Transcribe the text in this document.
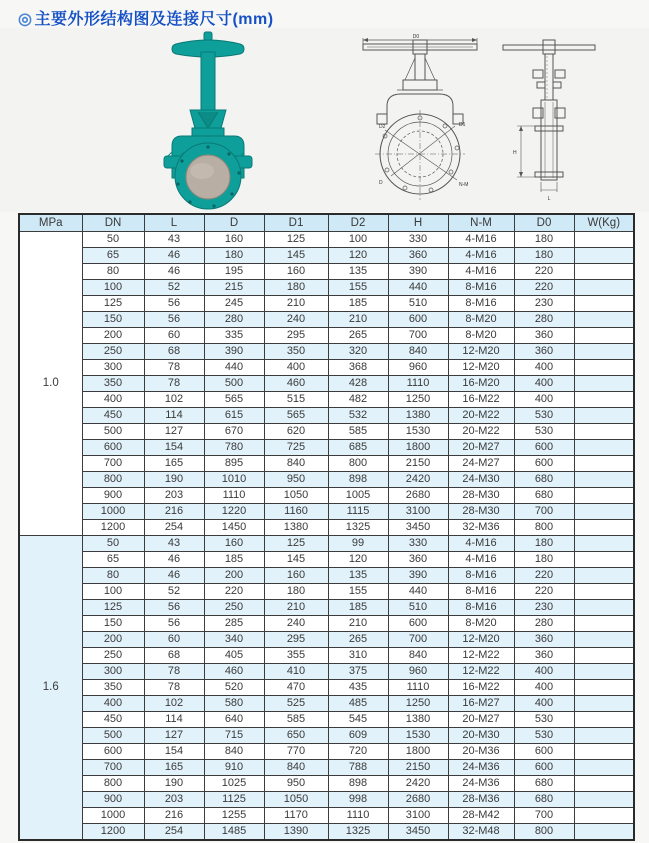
◎ 主要外形结构图及连接尺寸(mm)
D0
D2	D1
N-M
D
H
L
MPa	DN	L	D	D1	D2	H	N-M	D0	W(Kg)
1.0	50	43	160	125	100	330	4-M16	180	
	65	46	180	145	120	360	4-M16	180	
	80	46	195	160	135	390	4-M16	220	
	100	52	215	180	155	440	8-M16	220	
	125	56	245	210	185	510	8-M16	230	
	150	56	280	240	210	600	8-M20	280	
	200	60	335	295	265	700	8-M20	360	
	250	68	390	350	320	840	12-M20	360	
	300	78	440	400	368	960	12-M20	400	
	350	78	500	460	428	1110	16-M20	400	
	400	102	565	515	482	1250	16-M22	400	
	450	114	615	565	532	1380	20-M22	530	
	500	127	670	620	585	1530	20-M22	530	
	600	154	780	725	685	1800	20-M27	600	
	700	165	895	840	800	2150	24-M27	600	
	800	190	1010	950	898	2420	24-M30	680	
	900	203	1110	1050	1005	2680	28-M30	680	
	1000	216	1220	1160	1115	3100	28-M30	700	
	1200	254	1450	1380	1325	3450	32-M36	800	
1.6	50	43	160	125	99	330	4-M16	180	
	65	46	185	145	120	360	4-M16	180	
	80	46	200	160	135	390	8-M16	220	
	100	52	220	180	155	440	8-M16	220	
	125	56	250	210	185	510	8-M16	230	
	150	56	285	240	210	600	8-M20	280	
	200	60	340	295	265	700	12-M20	360	
	250	68	405	355	310	840	12-M22	360	
	300	78	460	410	375	960	12-M22	400	
	350	78	520	470	435	1110	16-M22	400	
	400	102	580	525	485	1250	16-M27	400	
	450	114	640	585	545	1380	20-M27	530	
	500	127	715	650	609	1530	20-M30	530	
	600	154	840	770	720	1800	20-M36	600	
	700	165	910	840	788	2150	24-M36	600	
	800	190	1025	950	898	2420	24-M36	680	
	900	203	1125	1050	998	2680	28-M36	680	
	1000	216	1255	1170	1110	3100	28-M42	700	
	1200	254	1485	1390	1325	3450	32-M48	800	
